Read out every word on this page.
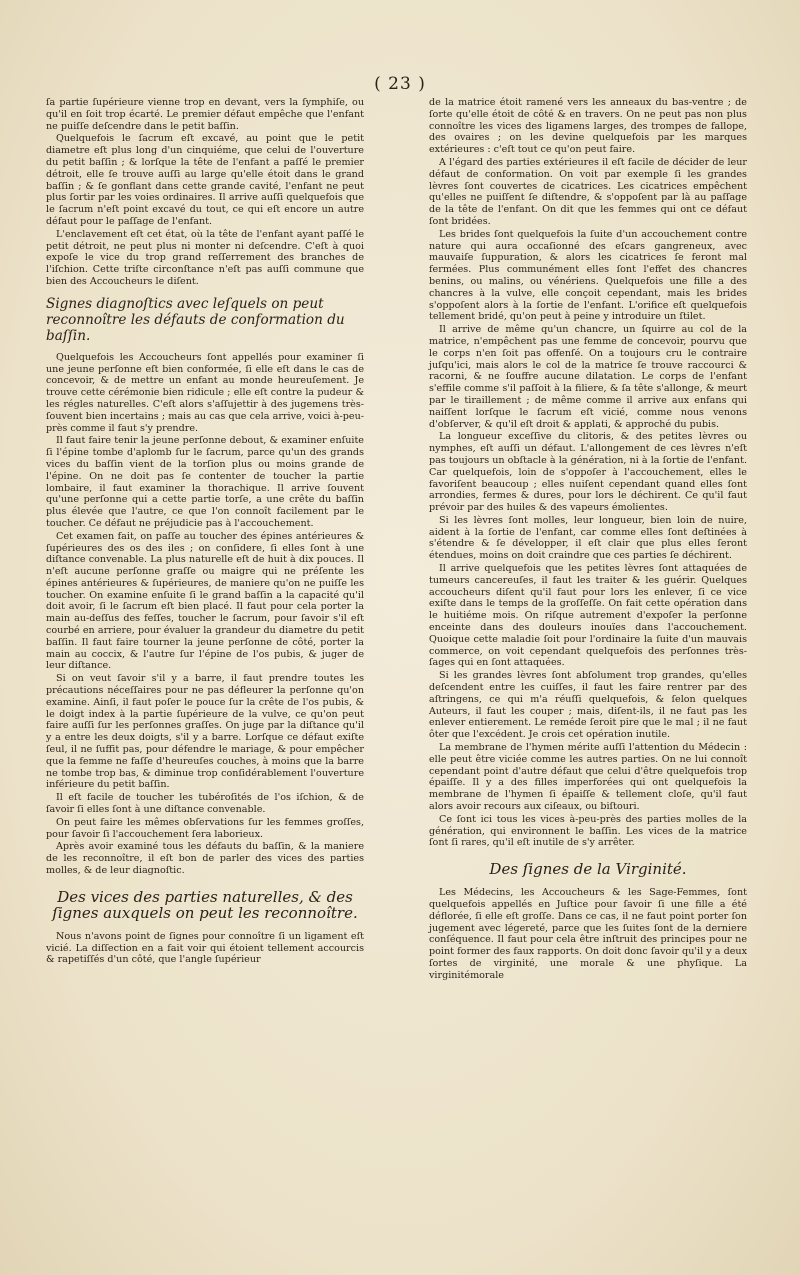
( 23 )

ſa partie ſupérieure vienne trop en devant, vers la ſymphiſe, ou qu'il en ſoit trop écarté. Le premier défaut empêche que l'enfant ne puiſſe deſcendre dans le petit baſſin.

Quelquefois le ſacrum eſt excavé, au point que le petit diametre eſt plus long d'un cinquiéme, que celui de l'ouverture du petit baſſin ; & lorſque la tête de l'enfant a paſſé le premier détroit, elle ſe trouve auſſi au large qu'elle étoit dans le grand baſſin ; & ſe gonflant dans cette grande cavité, l'enfant ne peut plus ſortir par les voies ordinaires. Il arrive auſſi quelquefois que le ſacrum n'eſt point excavé du tout, ce qui eſt encore un autre défaut pour le paſſage de l'enfant.

L'enclavement eſt cet état, où la tête de l'enfant ayant paſſé le petit détroit, ne peut plus ni monter ni deſcendre. C'eſt à quoi expoſe le vice du trop grand reſſerrement des branches de l'iſchion. Cette triſte circonſtance n'eſt pas auſſi commune que bien des Accoucheurs le diſent.

Signes diagnoſtics avec leſquels on peut reconnoître les défauts de conformation du baſſin.

Quelquefois les Accoucheurs ſont appellés pour examiner ſi une jeune perſonne eſt bien conformée, ſi elle eſt dans le cas de concevoir, & de mettre un enfant au monde heureuſement. Je trouve cette cérémonie bien ridicule ; elle eſt contre la pudeur & les régles naturelles. C'eſt alors s'aſſujettir à des jugemens très-ſouvent bien incertains ; mais au cas que cela arrive, voici à-peu-près comme il faut s'y prendre.

Il faut faire tenir la jeune perſonne debout, & examiner enſuite ſi l'épine tombe d'aplomb ſur le ſacrum, parce qu'un des grands vices du baſſin vient de la torſion plus ou moins grande de l'épine. On ne doit pas ſe contenter de toucher la partie lombaire, il faut examiner la thorachique. Il arrive ſouvent qu'une perſonne qui a cette partie torſe, a une crête du baſſin plus élevée que l'autre, ce que l'on connoît facilement par le toucher. Ce défaut ne préjudicie pas à l'accouchement.

Cet examen fait, on paſſe au toucher des épines antérieures & ſupérieures des os des iles ; on conſidere, ſi elles ſont à une diſtance convenable. La plus naturelle eſt de huit à dix pouces. Il n'eſt aucune perſonne graſſe ou maigre qui ne préſente les épines antérieures & ſupérieures, de maniere qu'on ne puiſſe les toucher. On examine enſuite ſi le grand baſſin a la capacité qu'il doit avoir, ſi le ſacrum eſt bien placé. Il faut pour cela porter la main au-deſſus des feſſes, toucher le ſacrum, pour ſavoir s'il eſt courbé en arriere, pour évaluer la grandeur du diametre du petit baſſin. Il faut faire tourner la jeune perſonne de côté, porter la main au coccix, & l'autre ſur l'épine de l'os pubis, & juger de leur diſtance.

Si on veut ſavoir s'il y a barre, il faut prendre toutes les précautions néceſſaires pour ne pas défleurer la perſonne qu'on examine. Ainſi, il faut poſer le pouce ſur la crête de l'os pubis, & le doigt index à la partie ſupérieure de la vulve, ce qu'on peut faire auſſi ſur les perſonnes graſſes. On juge par la diſtance qu'il y a entre les deux doigts, s'il y a barre. Lorſque ce défaut exiſte ſeul, il ne ſuffit pas, pour défendre le mariage, & pour empêcher que la femme ne faſſe d'heureuſes couches, à moins que la barre ne tombe trop bas, & diminue trop conſidérablement l'ouverture inférieure du petit baſſin.

Il eſt facile de toucher les tubéroſités de l'os iſchion, & de ſavoir ſi elles ſont à une diſtance convenable.

On peut faire les mêmes obſervations ſur les femmes groſſes, pour ſavoir ſi l'accouchement ſera laborieux.

Après avoir examiné tous les défauts du baſſin, & la maniere de les reconnoître, il eſt bon de parler des vices des parties molles, & de leur diagnoſtic.

Des vices des parties naturelles, & des ſignes auxquels on peut les reconnoître.

Nous n'avons point de ſignes pour connoître ſi un ligament eſt vicié. La diſſection en a fait voir qui étoient tellement accourcis & rapetiſſés d'un côté, que l'angle ſupérieur

de la matrice étoit ramené vers les anneaux du bas-ventre ; de ſorte qu'elle étoit de côté & en travers. On ne peut pas non plus connoître les vices des ligamens larges, des trompes de fallope, des ovaires ; on les devine quelquefois par les marques extérieures : c'eſt tout ce qu'on peut faire.

A l'égard des parties extérieures il eſt facile de décider de leur défaut de conformation. On voit par exemple ſi les grandes lèvres ſont couvertes de cicatrices. Les cicatrices empêchent qu'elles ne puiſſent ſe diſtendre, & s'oppoſent par là au paſſage de la tête de l'enfant. On dit que les femmes qui ont ce défaut ſont bridées.

Les brides ſont quelquefois la ſuite d'un accouchement contre nature qui aura occaſionné des eſcars gangreneux, avec mauvaiſe ſuppuration, & alors les cicatrices ſe feront mal fermées. Plus communément elles ſont l'effet des chancres benins, ou malins, ou vénériens. Quelquefois une fille a des chancres à la vulve, elle conçoit cependant, mais les brides s'oppoſent alors à la ſortie de l'enfant. L'orifice eſt quelquefois tellement bridé, qu'on peut à peine y introduire un ſtilet.

Il arrive de même qu'un chancre, un ſquirre au col de la matrice, n'empêchent pas une femme de concevoir, pourvu que le corps n'en ſoit pas offenſé. On a toujours cru le contraire juſqu'ici, mais alors le col de la matrice ſe trouve raccourci & racorni, & ne ſouffre aucune dilatation. Le corps de l'enfant s'effile comme s'il paſſoit à la filiere, & ſa tête s'allonge, & meurt par le tiraillement ; de même comme il arrive aux enfans qui naiſſent lorſque le ſacrum eſt vicié, comme nous venons d'obſerver, & qu'il eſt droit & applati, & approché du pubis.

La longueur exceſſive du clitoris, & des petites lèvres ou nymphes, eſt auſſi un défaut. L'allongement de ces lèvres n'eſt pas toujours un obſtacle à la génération, ni à la ſortie de l'enfant. Car quelquefois, loin de s'oppoſer à l'accouchement, elles le favoriſent beaucoup ; elles nuiſent cependant quand elles ſont arrondies, fermes & dures, pour lors le déchirent. Ce qu'il faut prévoir par des huiles & des vapeurs émolientes.

Si les lèvres ſont molles, leur longueur, bien loin de nuire, aident à la ſortie de l'enfant, car comme elles ſont deſtinées à s'étendre & ſe développer, il eſt clair que plus elles ſeront étendues, moins on doit craindre que ces parties ſe déchirent.

Il arrive quelquefois que les petites lèvres ſont attaquées de tumeurs cancereuſes, il faut les traiter & les guérir. Quelques accoucheurs diſent qu'il faut pour lors les enlever, ſi ce vice exiſte dans le temps de la groſſeſſe. On fait cette opération dans le huitiéme mois. On riſque autrement d'expoſer la perſonne enceinte dans des douleurs inouïes dans l'accouchement. Quoique cette maladie ſoit pour l'ordinaire la ſuite d'un mauvais commerce, on voit cependant quelquefois des perſonnes très-ſages qui en ſont attaquées.

Si les grandes lèvres ſont abſolument trop grandes, qu'elles deſcendent entre les cuiſſes, il faut les faire rentrer par des aſtringens, ce qui m'a réuſſi quelquefois, & ſelon quelques Auteurs, il faut les couper ; mais, diſent-ils, il ne faut pas les enlever entierement. Le reméde ſeroit pire que le mal ; il ne faut ôter que l'excédent. Je crois cet opération inutile.

La membrane de l'hymen mérite auſſi l'attention du Médecin : elle peut être viciée comme les autres parties. On ne lui connoît cependant point d'autre défaut que celui d'être quelquefois trop épaiſſe. Il y a des filles imperforées qui ont quelquefois la membrane de l'hymen ſi épaiſſe & tellement cloſe, qu'il faut alors avoir recours aux ciſeaux, ou biſtouri.

Ce ſont ici tous les vices à-peu-près des parties molles de la génération, qui environnent le baſſin. Les vices de la matrice ſont ſi rares, qu'il eſt inutile de s'y arrêter.

Des ſignes de la Virginité.

Les Médecins, les Accoucheurs & les Sage-Femmes, ſont quelquefois appellés en Juſtice pour ſavoir ſi une fille a été déflorée, ſi elle eſt groſſe. Dans ce cas, il ne faut point porter ſon jugement avec légereté, parce que les ſuites ſont de la derniere conſéquence. Il faut pour cela être inſtruit des principes pour ne point former des faux rapports. On doit donc ſavoir qu'il y a deux ſortes de virginité, une morale & une phyſique. La virginitémorale
